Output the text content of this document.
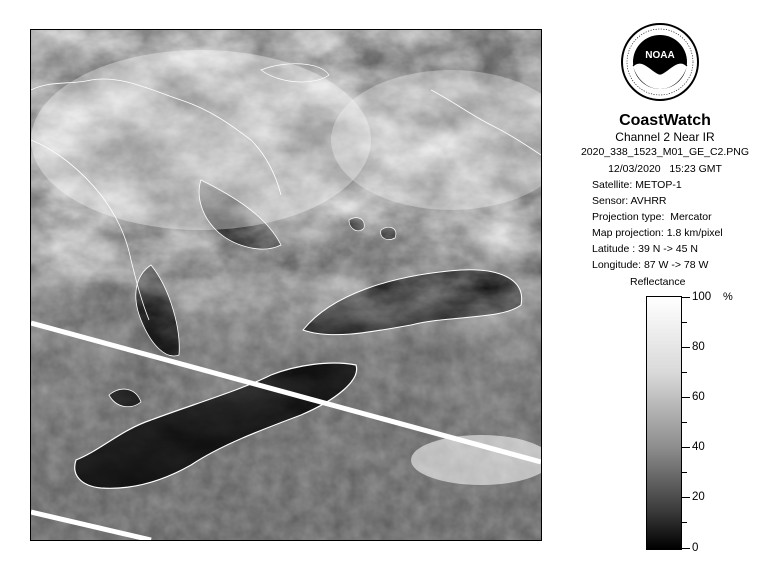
NOAA
CoastWatch
Channel 2 Near IR
2020_338_1523_M01_GE_C2.PNG
12/03/2020   15:23 GMT
Satellite: METOP-1
Sensor: AVHRR
Projection type:  Mercator
Map projection: 1.8 km/pixel
Latitude : 39 N -> 45 N
Longitude: 87 W -> 78 W
Reflectance
%
100
80
60
40
20
0
